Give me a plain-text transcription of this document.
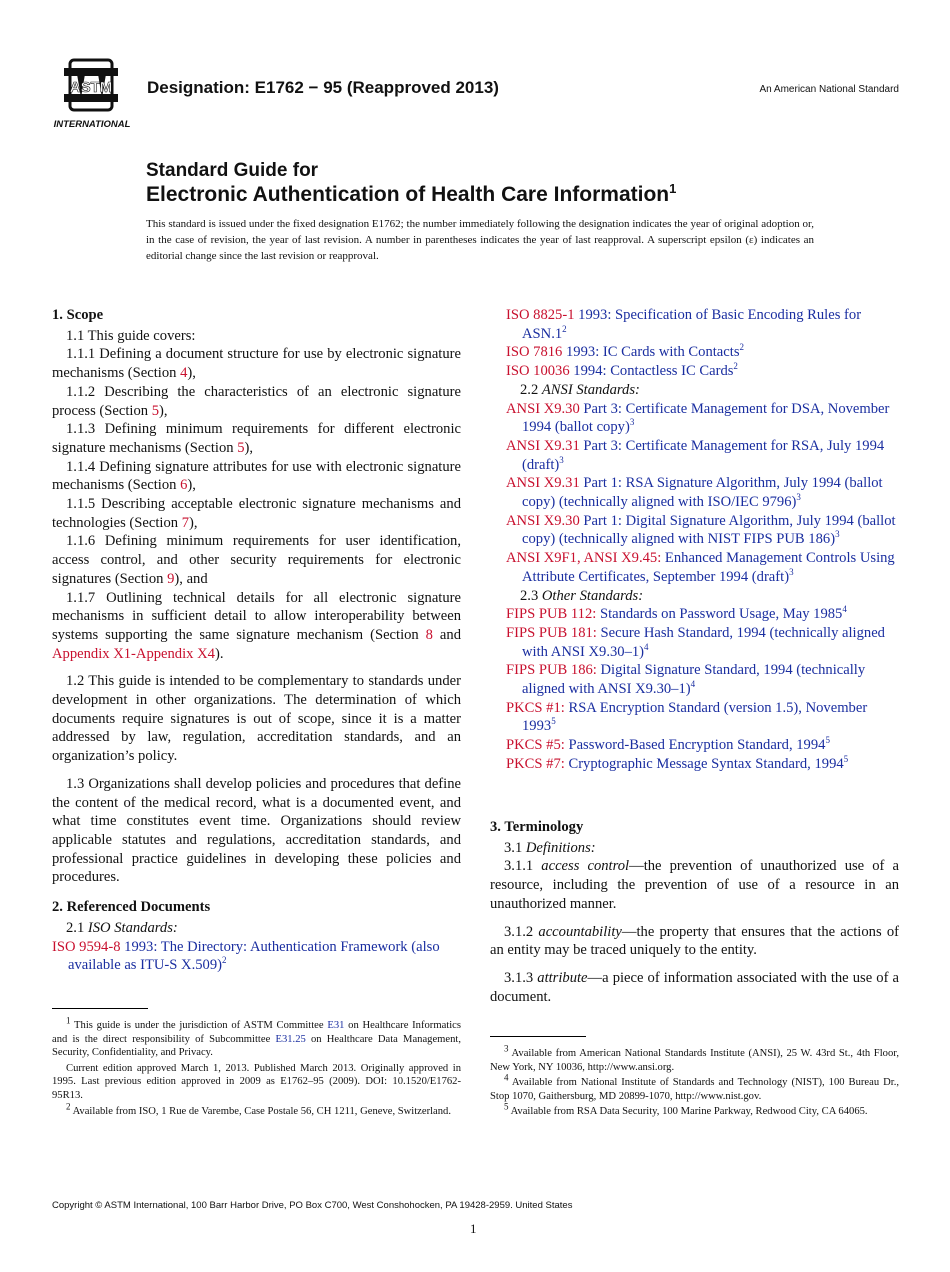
ASTM
INTERNATIONAL
Designation: E1762 − 95 (Reapproved 2013)	An American National Standard
Standard Guide for
Electronic Authentication of Health Care Information$^1$
This standard is issued under the fixed designation E1762; the number immediately following the designation indicates the year of original adoption or, in the case of revision, the year of last revision. A number in parentheses indicates the year of last reapproval. A superscript epsilon (ε) indicates an editorial change since the last revision or reapproval.

1. Scope

1.1 This guide covers:

1.1.1 Defining a document structure for use by electronic signature mechanisms (Section 4),

1.1.2 Describing the characteristics of an electronic signature process (Section 5),

1.1.3 Defining minimum requirements for different electronic signature mechanisms (Section 5),

1.1.4 Defining signature attributes for use with electronic signature mechanisms (Section 6),

1.1.5 Describing acceptable electronic signature mechanisms and technologies (Section 7),

1.1.6 Defining minimum requirements for user identification, access control, and other security requirements for electronic signatures (Section 9), and

1.1.7 Outlining technical details for all electronic signature mechanisms in sufficient detail to allow interoperability between systems supporting the same signature mechanism (Section 8 and Appendix X1-Appendix X4).

1.2 This guide is intended to be complementary to standards under development in other organizations. The determination of which documents require signatures is out of scope, since it is a matter addressed by law, regulation, accreditation standards, and an organization’s policy.

1.3 Organizations shall develop policies and procedures that define the content of the medical record, what is a documented event, and what time constitutes event time. Organizations should review applicable statutes and regulations, accreditation standards, and professional practice guidelines in developing these policies and procedures.

2. Referenced Documents

2.1 ISO Standards:

ISO 9594-8 1993: The Directory: Authentication Framework (also available as ITU-S X.509)$^2$

ISO 8825-1 1993: Specification of Basic Encoding Rules for $ASN.1^2$

ISO 7816 1993: IC Cards with Contacts$^2$

ISO 10036 1994: Contactless IC Cards$^2$

2.2 ANSI Standards:

ANSI X9.30 Part 3: Certificate Management for DSA, November 1994 (ballot copy)$^3$

ANSI X9.31 Part 3: Certificate Management for RSA, July 1994 (draft)$^3$

ANSI X9.31 Part 1: RSA Signature Algorithm, July 1994 (ballot copy) (technically aligned with ISO/IEC 9796)$^3$

ANSI X9.30 Part 1: Digital Signature Algorithm, July 1994 (ballot copy) (technically aligned with NIST FIPS PUB 186)$^3$

ANSI X9F1, ANSI X9.45: Enhanced Management Controls Using Attribute Certificates, September 1994 (draft)$^3$

2.3 Other Standards:

FIPS PUB 112: Standards on Password Usage, May 1985$^4$

FIPS PUB 181: Secure Hash Standard, 1994 (technically aligned with ANSI X9.30–1)$^4$

FIPS PUB 186: Digital Signature Standard, 1994 (technically aligned with ANSI X9.30–1)$^4$

PKCS #1: RSA Encryption Standard (version 1.5), November 1993$^5$

PKCS #5: Password-Based Encryption Standard, 1994$^5$

PKCS #7: Cryptographic Message Syntax Standard, 1994$^5$

3. Terminology

3.1 Definitions:

3.1.1 access control—the prevention of unauthorized use of a resource, including the prevention of use of a resource in an unauthorized manner.

3.1.2 accountability—the property that ensures that the actions of an entity may be traced uniquely to the entity.

3.1.3 attribute—a piece of information associated with the use of a document.

$^1$ This guide is under the jurisdiction of ASTM Committee E31 on Healthcare Informatics and is the direct responsibility of Subcommittee E31.25 on Healthcare Data Management, Security, Confidentiality, and Privacy.

Current edition approved March 1, 2013. Published March 2013. Originally approved in 1995. Last previous edition approved in 2009 as E1762–95 (2009). DOI: 10.1520/E1762-95R13.

$^2$ Available from ISO, 1 Rue de Varembe, Case Postale 56, CH 1211, Geneve, Switzerland.

$^3$ Available from American National Standards Institute (ANSI), 25 W. 43rd St., 4th Floor, New York, NY 10036, http://www.ansi.org.

$^4$ Available from National Institute of Standards and Technology (NIST), 100 Bureau Dr., Stop 1070, Gaithersburg, MD 20899-1070, http://www.nist.gov.

$^5$ Available from RSA Data Security, 100 Marine Parkway, Redwood City, CA 64065.

Copyright © ASTM International, 100 Barr Harbor Drive, PO Box C700, West Conshohocken, PA 19428-2959. United States
1
